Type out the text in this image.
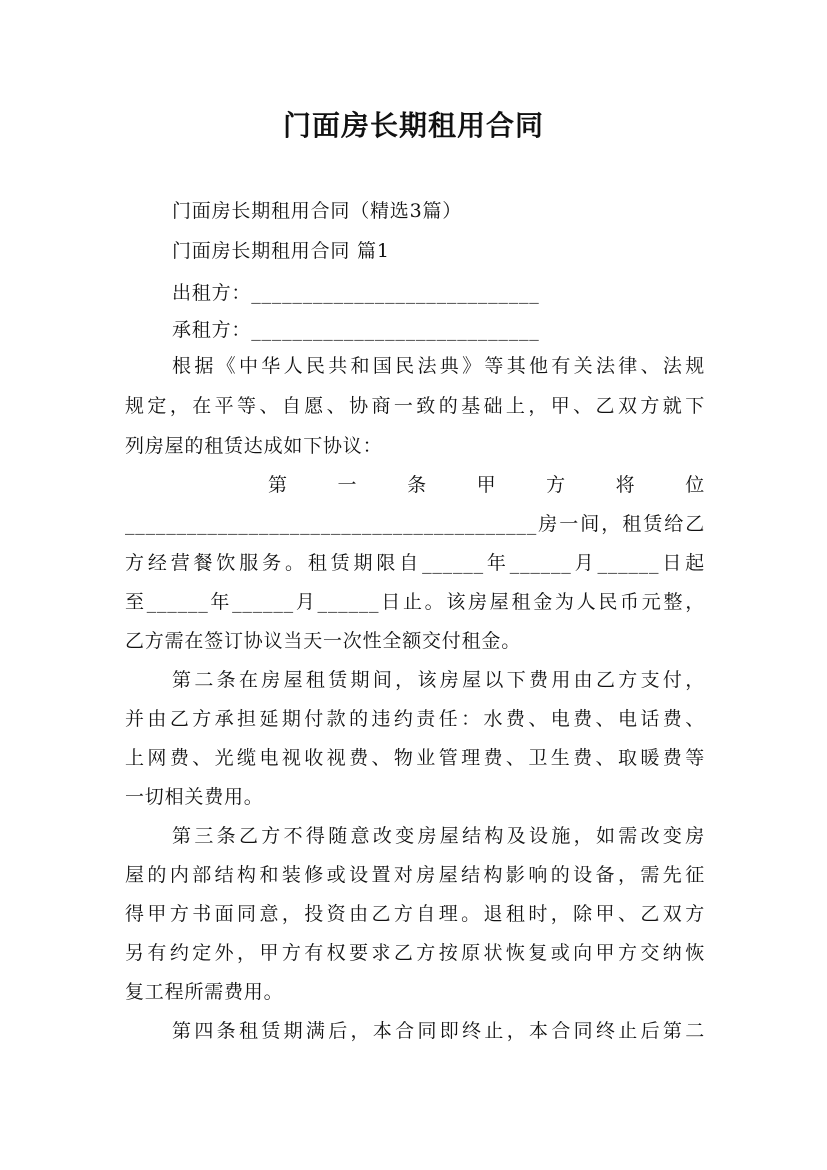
门面房长期租用合同
门面房长期租用合同（精选3篇）
门面房长期租用合同 篇1
出租方：____________________________
承租方：____________________________
根据《中华人民共和国民法典》等其他有关法律、法规
规定，在平等、自愿、协商一致的基础上，甲、乙双方就下
列房屋的租赁达成如下协议：
第　一　条　甲　方　将　位
________________________________________房一间，租赁给乙
方经营餐饮服务。租赁期限自______年______月______日起
至______年______月______日止。该房屋租金为人民币元整，
乙方需在签订协议当天一次性全额交付租金。
第二条在房屋租赁期间，该房屋以下费用由乙方支付，
并由乙方承担延期付款的违约责任：水费、电费、电话费、
上网费、光缆电视收视费、物业管理费、卫生费、取暖费等
一切相关费用。
第三条乙方不得随意改变房屋结构及设施，如需改变房
屋的内部结构和装修或设置对房屋结构影响的设备，需先征
得甲方书面同意，投资由乙方自理。退租时，除甲、乙双方
另有约定外，甲方有权要求乙方按原状恢复或向甲方交纳恢
复工程所需费用。
第四条租赁期满后，本合同即终止，本合同终止后第二
